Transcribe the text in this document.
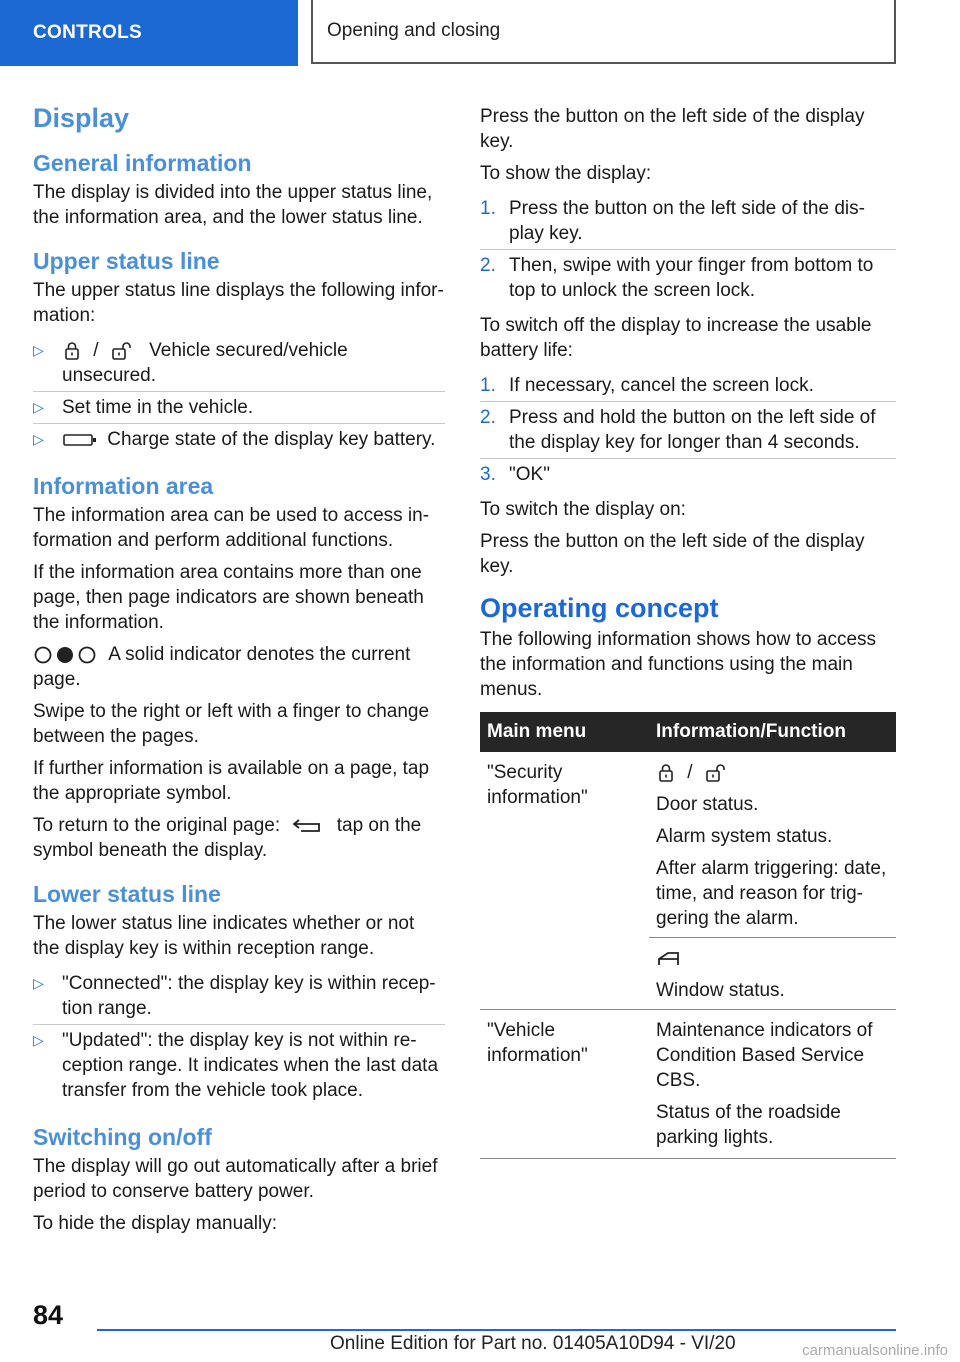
CONTROLS	Opening and closing
Display
General information

The display is divided into the upper status line, the information area, and the lower status line.

Upper status line

The upper status line displays the following infor‐mation:

▷	/	Vehicle secured/vehicle unsecured.
▷ Set time in the vehicle.
▷	Charge state of the display key battery.
Information area

The information area can be used to access in‐formation and perform additional functions.

If the information area contains more than one page, then page indicators are shown beneath the information.

A solid indicator denotes the current page.

Swipe to the right or left with a finger to change between the pages.

If further information is available on a page, tap the appropriate symbol.

To return to the original page:	tap on the symbol beneath the display.

Lower status line

The lower status line indicates whether or not the display key is within reception range.

▷ "Connected": the display key is within recep‐tion range.
▷ "Updated": the display key is not within re‐ception range. It indicates when the last data transfer from the vehicle took place.
Switching on/off

The display will go out automatically after a brief period to conserve battery power.

To hide the display manually:

Press the button on the left side of the display key.

To show the display:

1. Press the button on the left side of the dis‐play key.
2. Then, swipe with your finger from bottom to top to unlock the screen lock.

To switch off the display to increase the usable battery life:

1. If necessary, cancel the screen lock.
2. Press and hold the button on the left side of the display key for longer than 4 seconds.
3. "OK"

To switch the display on:

Press the button on the left side of the display key.

Operating concept

The following information shows how to access the information and functions using the main menus.

Main menu	Information/Function
"Security information"	/

Door status.

Alarm system status.

After alarm triggering: date, time, and reason for trig‐gering the alarm.

Window status.

"Vehicle information"	Maintenance indicators of Condition Based Service CBS.

Status of the roadside parking lights.

84
Online Edition for Part no. 01405A10D94 - VI/20	carmanualsonline.info
